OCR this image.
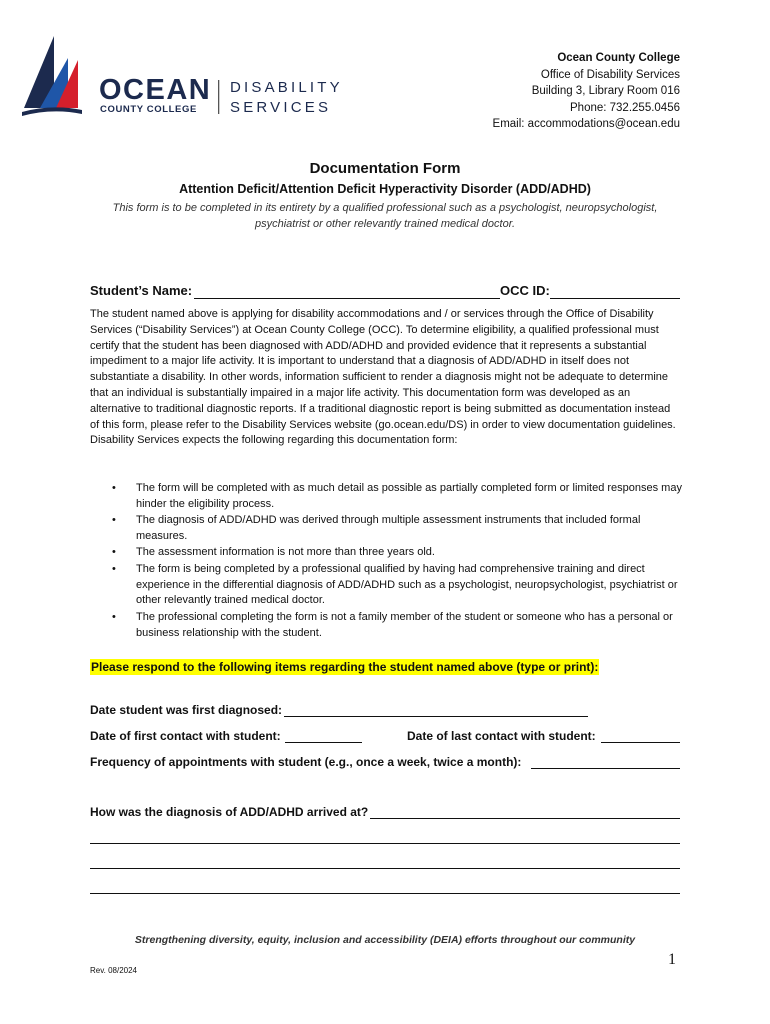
OCEAN
COUNTY COLLEGE
DISABILITY
SERVICES
Ocean County College
Office of Disability Services
Building 3, Library Room 016
Phone: 732.255.0456
Email: accommodations@ocean.edu
Documentation Form
Attention Deficit/Attention Deficit Hyperactivity Disorder (ADD/ADHD)
This form is to be completed in its entirety by a qualified professional such as a psychologist, neuropsychologist, psychiatrist or other relevantly trained medical doctor.
Student’s Name:	OCC ID:
The student named above is applying for disability accommodations and / or services through the Office of Disability Services (“Disability Services”) at Ocean County College (OCC). To determine eligibility, a qualified professional must certify that the student has been diagnosed with ADD/ADHD and provided evidence that it represents a substantial impediment to a major life activity. It is important to understand that a diagnosis of ADD/ADHD in itself does not substantiate a disability. In other words, information sufficient to render a diagnosis might not be adequate to determine that an individual is substantially impaired in a major life activity. This documentation form was developed as an alternative to traditional diagnostic reports. If a traditional diagnostic report is being submitted as documentation instead of this form, please refer to the Disability Services website (go.ocean.edu/DS) in order to view documentation guidelines. Disability Services expects the following regarding this documentation form:
• The form will be completed with as much detail as possible as partially completed form or limited responses may hinder the eligibility process.
• The diagnosis of ADD/ADHD was derived through multiple assessment instruments that included formal measures.
• The assessment information is not more than three years old.
• The form is being completed by a professional qualified by having had comprehensive training and direct experience in the differential diagnosis of ADD/ADHD such as a psychologist, neuropsychologist, psychiatrist or other relevantly trained medical doctor.
• The professional completing the form is not a family member of the student or someone who has a personal or business relationship with the student.
Please respond to the following items regarding the student named above (type or print):
Date student was first diagnosed:
Date of first contact with student:	Date of last contact with student:
Frequency of appointments with student (e.g., once a week, twice a month):
How was the diagnosis of ADD/ADHD arrived at?
Strengthening diversity, equity, inclusion and accessibility (DEIA) efforts throughout our community
1
Rev. 08/2024
